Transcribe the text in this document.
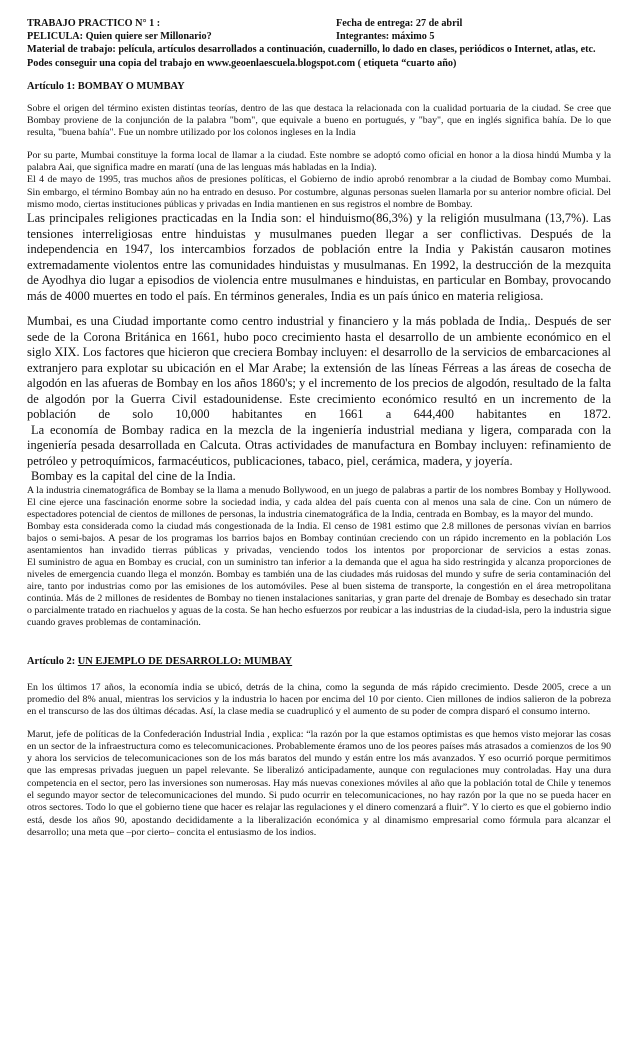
TRABAJO PRACTICO N° 1 :	Fecha de entrega: 27 de abril
PELICULA: Quien quiere ser Millonario?	Integrantes: máximo 5
Material de trabajo: película, artículos desarrollados a continuación, cuadernillo, lo dado en clases, periódicos o Internet, atlas, etc.
Podes conseguir una copia del trabajo en www.geoenlaescuela.blogspot.com ( etiqueta “cuarto año)
Artículo 1: BOMBAY O MUMBAY

Sobre el origen del término existen distintas teorías, dentro de las que destaca la relacionada con la cualidad portuaria de la ciudad. Se cree que Bombay proviene de la conjunción de la palabra "bom", que equivale a bueno en portugués, y "bay", que en inglés significa bahía. De lo que resulta, "buena bahía". Fue un nombre utilizado por los colonos ingleses en la India

Por su parte, Mumbai constituye la forma local de llamar a la ciudad. Este nombre se adoptó como oficial en honor a la diosa hindú Mumba y la palabra Aai, que significa madre en maratí (una de las lenguas más habladas en la India).

El 4 de mayo de 1995, tras muchos años de presiones políticas, el Gobierno de indio aprobó renombrar a la ciudad de Bombay como Mumbai.

Sin embargo, el término Bombay aún no ha entrado en desuso. Por costumbre, algunas personas suelen llamarla por su anterior nombre oficial. Del mismo modo, ciertas instituciones públicas y privadas en India mantienen en sus registros el nombre de Bombay.

Las principales religiones practicadas en la India son: el hinduismo(86,3%) y la religión musulmana (13,7%). Las tensiones interreligiosas entre hinduistas y musulmanes pueden llegar a ser conflictivas. Después de la independencia en 1947, los intercambios forzados de población entre la India y Pakistán causaron motines extremadamente violentos entre las comunidades hinduistas y musulmanas. En 1992, la destrucción de la mezquita de Ayodhya dio lugar a episodios de violencia entre musulmanes e hinduistas, en particular en Bombay, provocando más de 4000 muertes en todo el país. En términos generales, India es un país único en materia religiosa.

Mumbai, es una Ciudad importante como centro industrial y financiero y la más poblada de India,. Después de ser sede de la Corona Británica en 1661, hubo poco crecimiento hasta el desarrollo de un ambiente económico en el siglo XIX. Los factores que hicieron que creciera Bombay incluyen: el desarrollo de la servicios de embarcaciones al extranjero para explotar su ubicación en el Mar Arabe; la extensión de las líneas Férreas a las áreas de cosecha de algodón en las afueras de Bombay en los años 1860's; y el incremento de los precios de algodón, resultado de la falta de algodón por la Guerra Civil estadounidense. Este crecimiento económico resultó en un incremento de la población de solo 10,000 habitantes en 1661 a 644,400 habitantes en 1872.

La economía de Bombay radica en la mezcla de la ingeniería industrial mediana y ligera, comparada con la ingeniería pesada desarrollada en Calcuta. Otras actividades de manufactura en Bombay incluyen: refinamiento de petróleo y petroquímicos, farmacéuticos, publicaciones, tabaco, piel, cerámica, madera, y joyería.

Bombay es la capital del cine de la India.

A la industria cinematográfica de Bombay se la llama a menudo Bollywood, en un juego de palabras a partir de los nombres Bombay y Hollywood. El cine ejerce una fascinación enorme sobre la sociedad india, y cada aldea del país cuenta con al menos una sala de cine. Con un número de espectadores potencial de cientos de millones de personas, la industria cinematográfica de la India, centrada en Bombay, es la mayor del mundo.

Bombay esta considerada como la ciudad más congestionada de la India. El censo de 1981 estimo que 2.8 millones de personas vivían en barrios bajos o semi-bajos. A pesar de los programas los barrios bajos en Bombay continúan creciendo con un rápido incremento en la población Los asentamientos han invadido tierras públicas y privadas, venciendo todos los intentos por proporcionar de servicios a estas zonas.

El suministro de agua en Bombay es crucial, con un suministro tan inferior a la demanda que el agua ha sido restringida y alcanza proporciones de niveles de emergencia cuando llega el monzón. Bombay es también una de las ciudades más ruidosas del mundo y sufre de seria contaminación del aire, tanto por industrias como por las emisiones de los automóviles. Pese al buen sistema de transporte, la congestión en el área metropolitana continúa. Más de 2 millones de residentes de Bombay no tienen instalaciones sanitarias, y gran parte del drenaje de Bombay es desechado sin tratar o parcialmente tratado en riachuelos y aguas de la costa. Se han hecho esfuerzos por reubicar a las industrias de la ciudad-isla, pero la industria sigue cuando graves problemas de contaminación.

Artículo 2: UN EJEMPLO DE DESARROLLO: MUMBAY

En los últimos 17 años, la economía india se ubicó, detrás de la china, como la segunda de más rápido crecimiento. Desde 2005, crece a un promedio del 8% anual, mientras los servicios y la industria lo hacen por encima del 10 por ciento. Cien millones de indios salieron de la pobreza en el transcurso de las dos últimas décadas. Así, la clase media se cuadruplicó y el aumento de su poder de compra disparó el consumo interno.

Marut, jefe de políticas de la Confederación Industrial India , explica: “la razón por la que estamos optimistas es que hemos visto mejorar las cosas en un sector de la infraestructura como es telecomunicaciones. Probablemente éramos uno de los peores países más atrasados a comienzos de los 90 y ahora los servicios de telecomunicaciones son de los más baratos del mundo y están entre los más avanzados. Y eso ocurrió porque permitimos que las empresas privadas jueguen un papel relevante. Se liberalizó anticipadamente, aunque con regulaciones muy controladas. Hay una dura competencia en el sector, pero las inversiones son numerosas. Hay más nuevas conexiones móviles al año que la población total de Chile y tenemos el segundo mayor sector de telecomunicaciones del mundo. Si pudo ocurrir en telecomunicaciones, no hay razón por la que no se pueda hacer en otros sectores. Todo lo que el gobierno tiene que hacer es relajar las regulaciones y el dinero comenzará a fluir”. Y lo cierto es que el gobierno indio está, desde los años 90, apostando decididamente a la liberalización económica y al dinamismo empresarial como fórmula para alcanzar el desarrollo; una meta que –por cierto– concita el entusiasmo de los indios.
